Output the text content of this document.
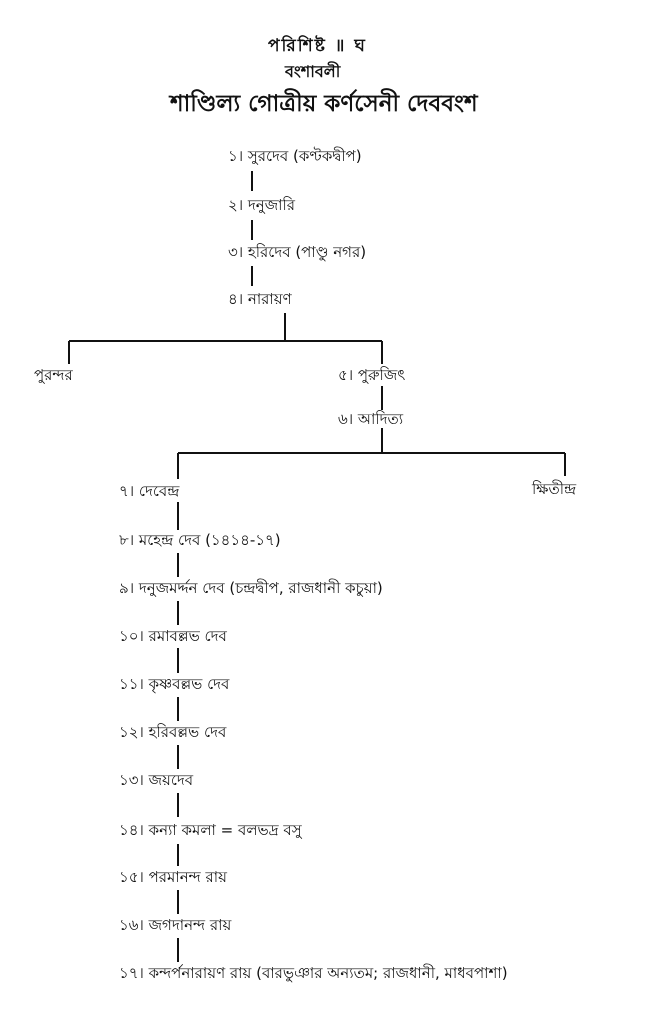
পরিশিষ্ট ॥ ঘ
বংশাবলী
শাণ্ডিল্য গোত্রীয় কর্ণসেনী দেববংশ
১। সুরদেব (কণ্টকদ্বীপ)
২। দনুজারি
৩। হরিদেব (পাণ্ডু নগর)
৪। নারায়ণ
পুরন্দর	৫। পুরুজিৎ
৬। আদিত্য
৭। দেবেন্দ্র	ক্ষিতীন্দ্র
৮। মহেন্দ্র দেব (১৪১৪-১৭)
৯। দনুজমর্দ্দন দেব (চন্দ্রদ্বীপ, রাজধানী কচুয়া)
১০। রমাবল্লভ দেব
১১। কৃষ্ণবল্লভ দেব
১২। হরিবল্লভ দেব
১৩। জয়দেব
১৪। কন্যা কমলা = বলভদ্র বসু
১৫। পরমানন্দ রায়
১৬। জগদানন্দ রায়
১৭। কন্দর্পনারায়ণ রায় (বারভুঞার অন্যতম; রাজধানী, মাধবপাশা)
